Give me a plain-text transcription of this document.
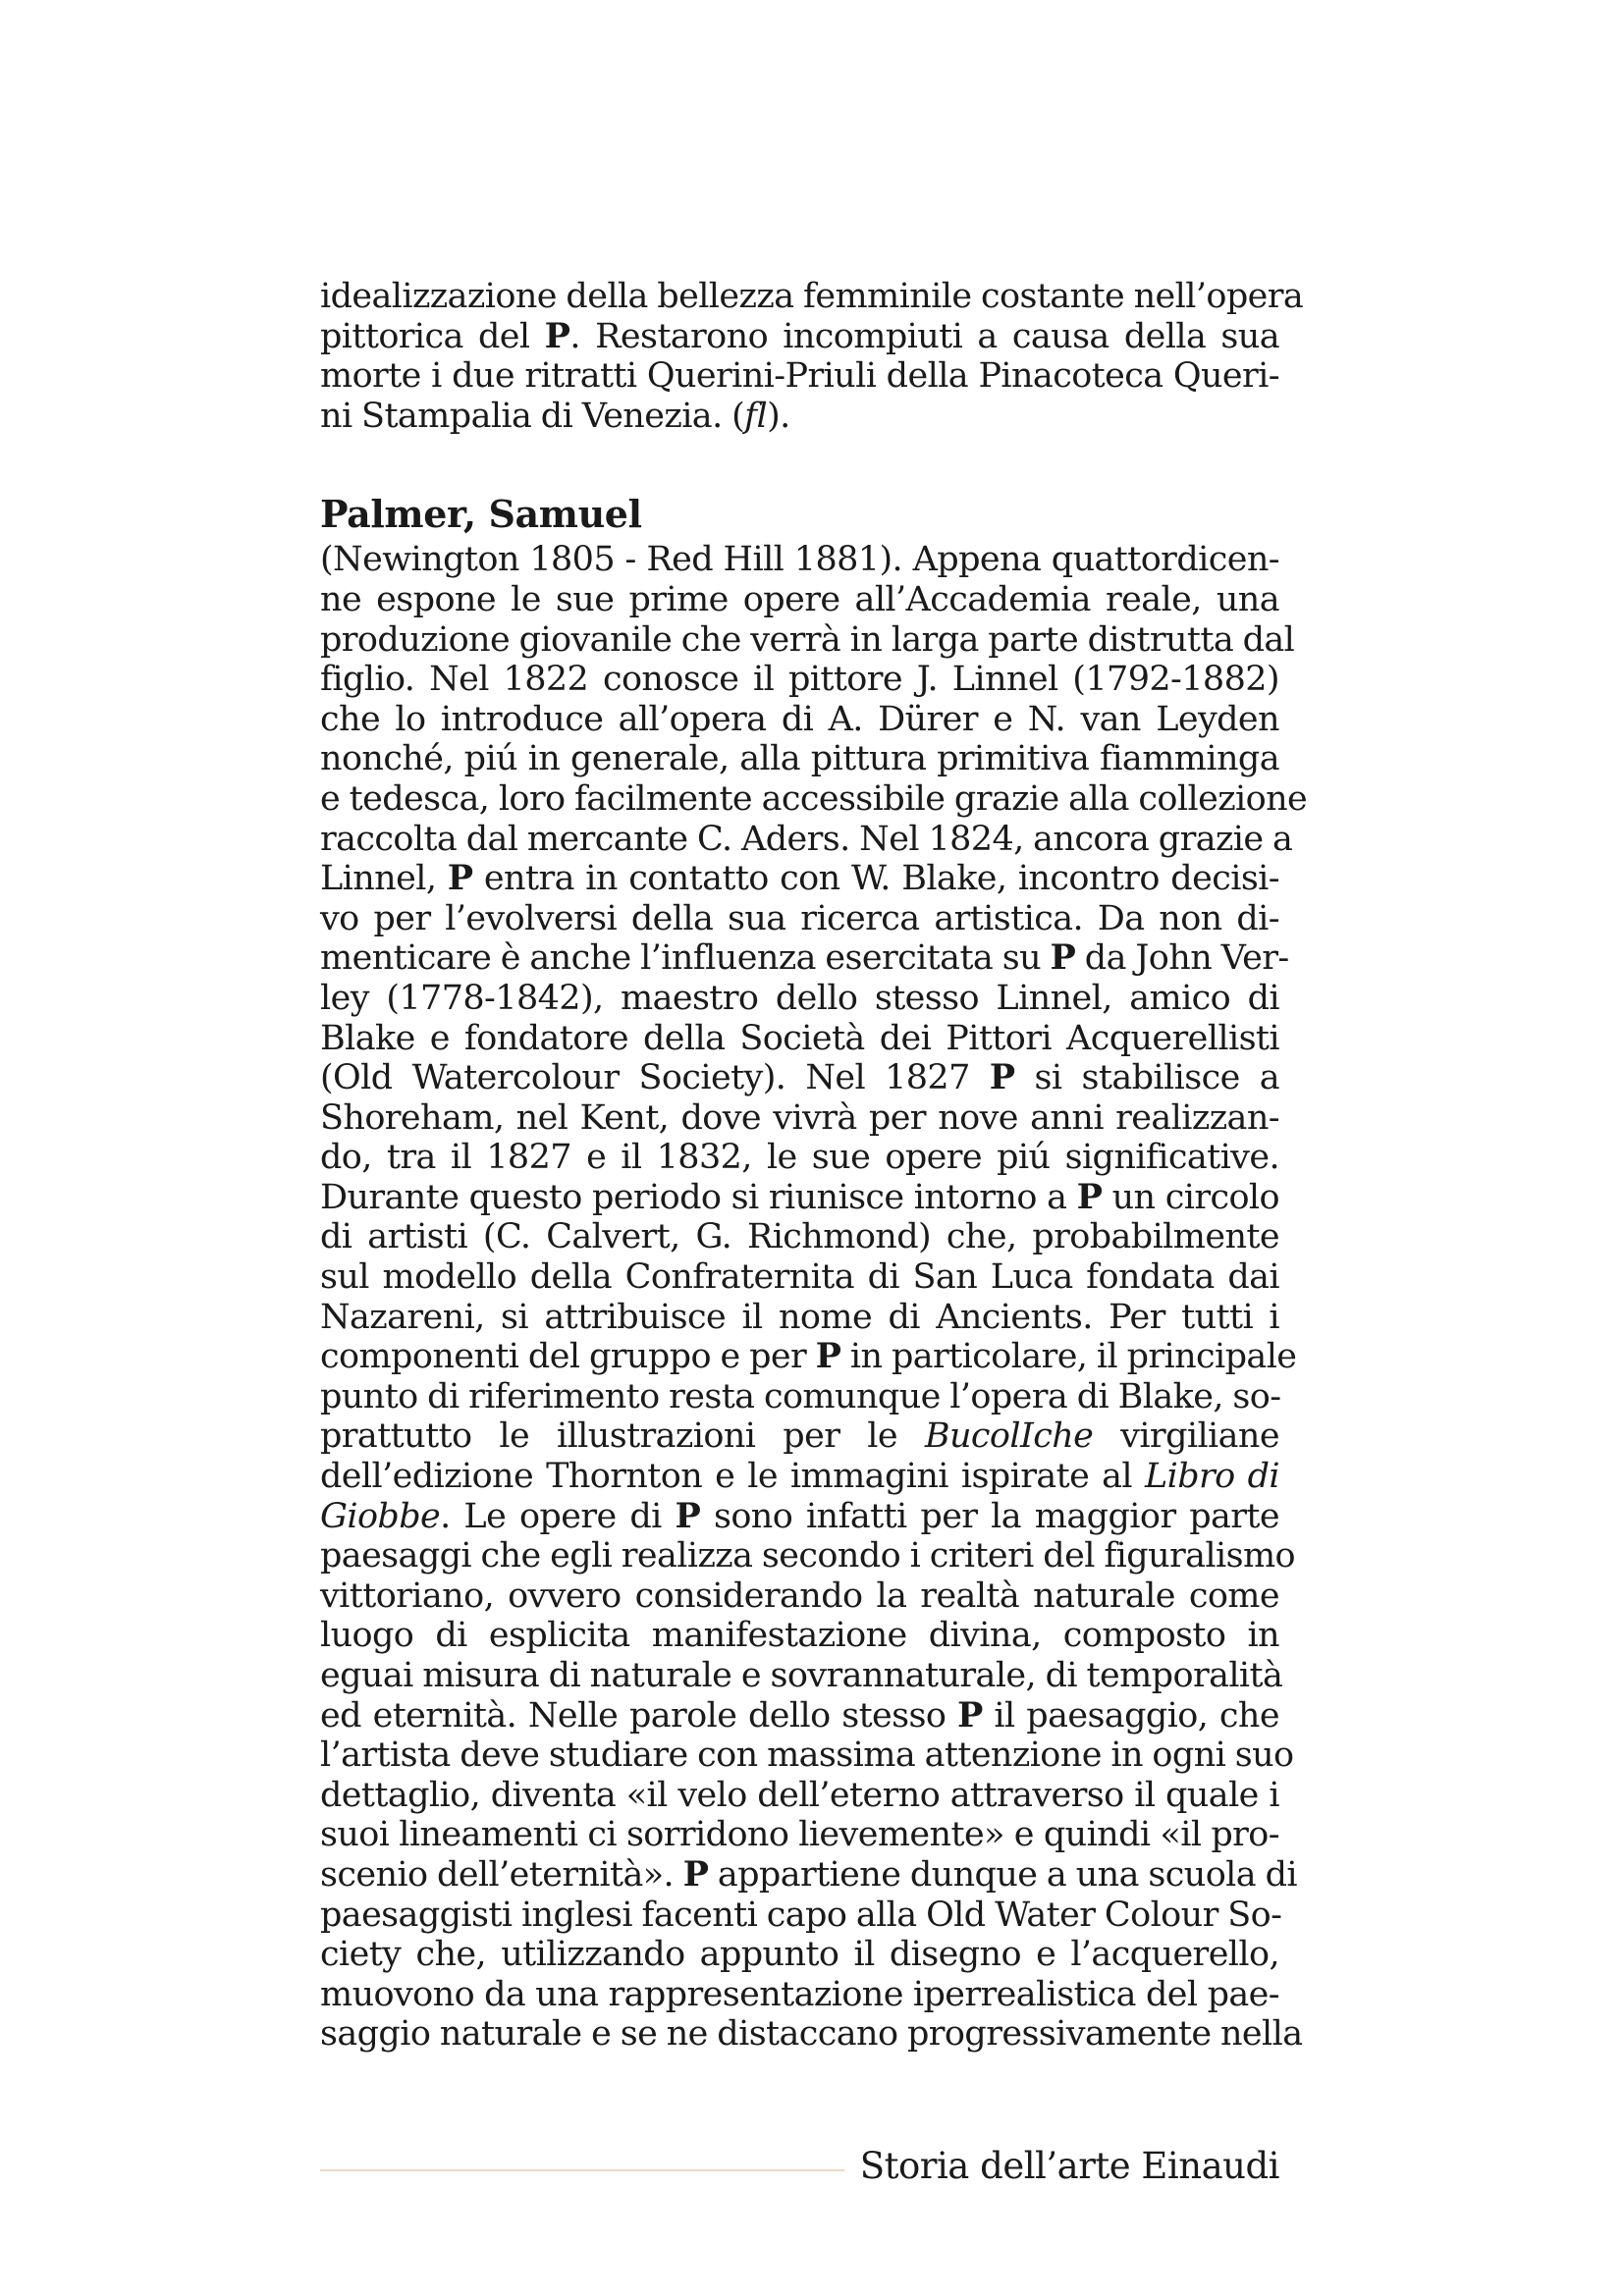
idealizzazione della bellezza femminile costante nell’opera
pittorica del P. Restarono incompiuti a causa della sua
morte i due ritratti Querini-Priuli della Pinacoteca Queri-
ni Stampalia di Venezia. (fl).
Palmer, Samuel
(Newington 1805 - Red Hill 1881). Appena quattordicen-
ne espone le sue prime opere all’Accademia reale, una
produzione giovanile che verrà in larga parte distrutta dal
figlio. Nel 1822 conosce il pittore J. Linnel (1792-1882)
che lo introduce all’opera di A. Dürer e N. van Leyden
nonché, piú in generale, alla pittura primitiva fiamminga
e tedesca, loro facilmente accessibile grazie alla collezione
raccolta dal mercante C. Aders. Nel 1824, ancora grazie a
Linnel, P entra in contatto con W. Blake, incontro decisi-
vo per l’evolversi della sua ricerca artistica. Da non di-
menticare è anche l’influenza esercitata su P da John Ver-
ley (1778-1842), maestro dello stesso Linnel, amico di
Blake e fondatore della Società dei Pittori Acquerellisti
(Old Watercolour Society). Nel 1827 P si stabilisce a
Shoreham, nel Kent, dove vivrà per nove anni realizzan-
do, tra il 1827 e il 1832, le sue opere piú significative.
Durante questo periodo si riunisce intorno a P un circolo
di artisti (C. Calvert, G. Richmond) che, probabilmente
sul modello della Confraternita di San Luca fondata dai
Nazareni, si attribuisce il nome di Ancients. Per tutti i
componenti del gruppo e per P in particolare, il principale
punto di riferimento resta comunque l’opera di Blake, so-
prattutto le illustrazioni per le BucolIche virgiliane
dell’edizione Thornton e le immagini ispirate al Libro di
Giobbe. Le opere di P sono infatti per la maggior parte
paesaggi che egli realizza secondo i criteri del figuralismo
vittoriano, ovvero considerando la realtà naturale come
luogo di esplicita manifestazione divina, composto in
eguai misura di naturale e sovrannaturale, di temporalità
ed eternità. Nelle parole dello stesso P il paesaggio, che
l’artista deve studiare con massima attenzione in ogni suo
dettaglio, diventa «il velo dell’eterno attraverso il quale i
suoi lineamenti ci sorridono lievemente» e quindi «il pro-
scenio dell’eternità». P appartiene dunque a una scuola di
paesaggisti inglesi facenti capo alla Old Water Colour So-
ciety che, utilizzando appunto il disegno e l’acquerello,
muovono da una rappresentazione iperrealistica del pae-
saggio naturale e se ne distaccano progressivamente nella
Storia dell’arte Einaudi
